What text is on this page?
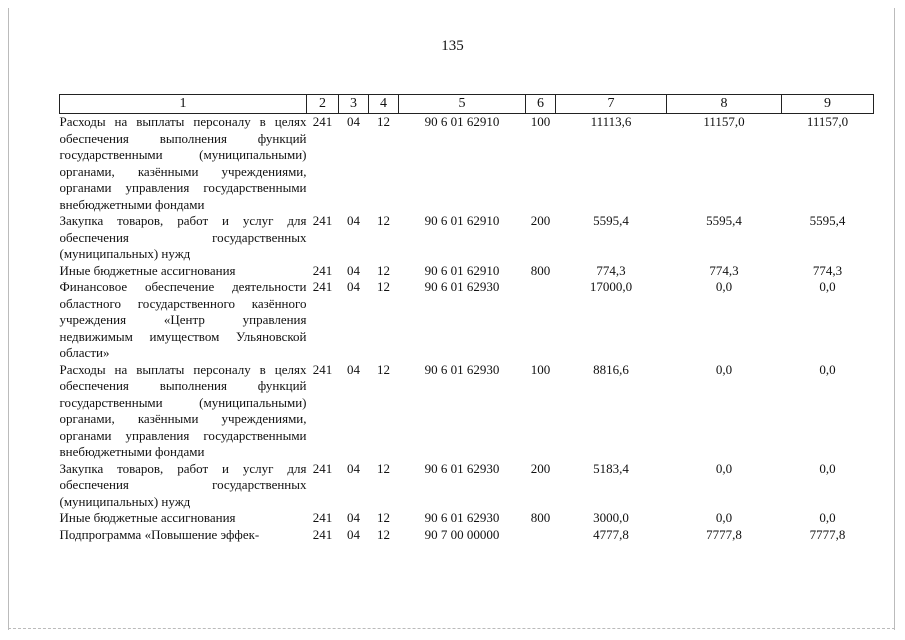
135
1	2	3	4	5	6	7	8	9
Расходы на выплаты персоналу в целях обеспечения выполнения функций государственными (муниципальными) органами, казёнными учреждениями, органами управления государственными внебюджетными фондами	241	04	12	90 6 01 62910	100	11113,6	11157,0	11157,0
Закупка товаров, работ и услуг для обеспечения государственных (муниципальных) нужд	241	04	12	90 6 01 62910	200	5595,4	5595,4	5595,4
Иные бюджетные ассигнования	241	04	12	90 6 01 62910	800	774,3	774,3	774,3
Финансовое обеспечение деятельности областного государственного казённого учреждения «Центр управления недвижимым имуществом Ульяновской области»	241	04	12	90 6 01 62930		17000,0	0,0	0,0
Расходы на выплаты персоналу в целях обеспечения выполнения функций государственными (муниципальными) органами, казёнными учреждениями, органами управления государственными внебюджетными фондами	241	04	12	90 6 01 62930	100	8816,6	0,0	0,0
Закупка товаров, работ и услуг для обеспечения государственных (муниципальных) нужд	241	04	12	90 6 01 62930	200	5183,4	0,0	0,0
Иные бюджетные ассигнования	241	04	12	90 6 01 62930	800	3000,0	0,0	0,0
Подпрограмма «Повышение эффек-	241	04	12	90 7 00 00000		4777,8	7777,8	7777,8
